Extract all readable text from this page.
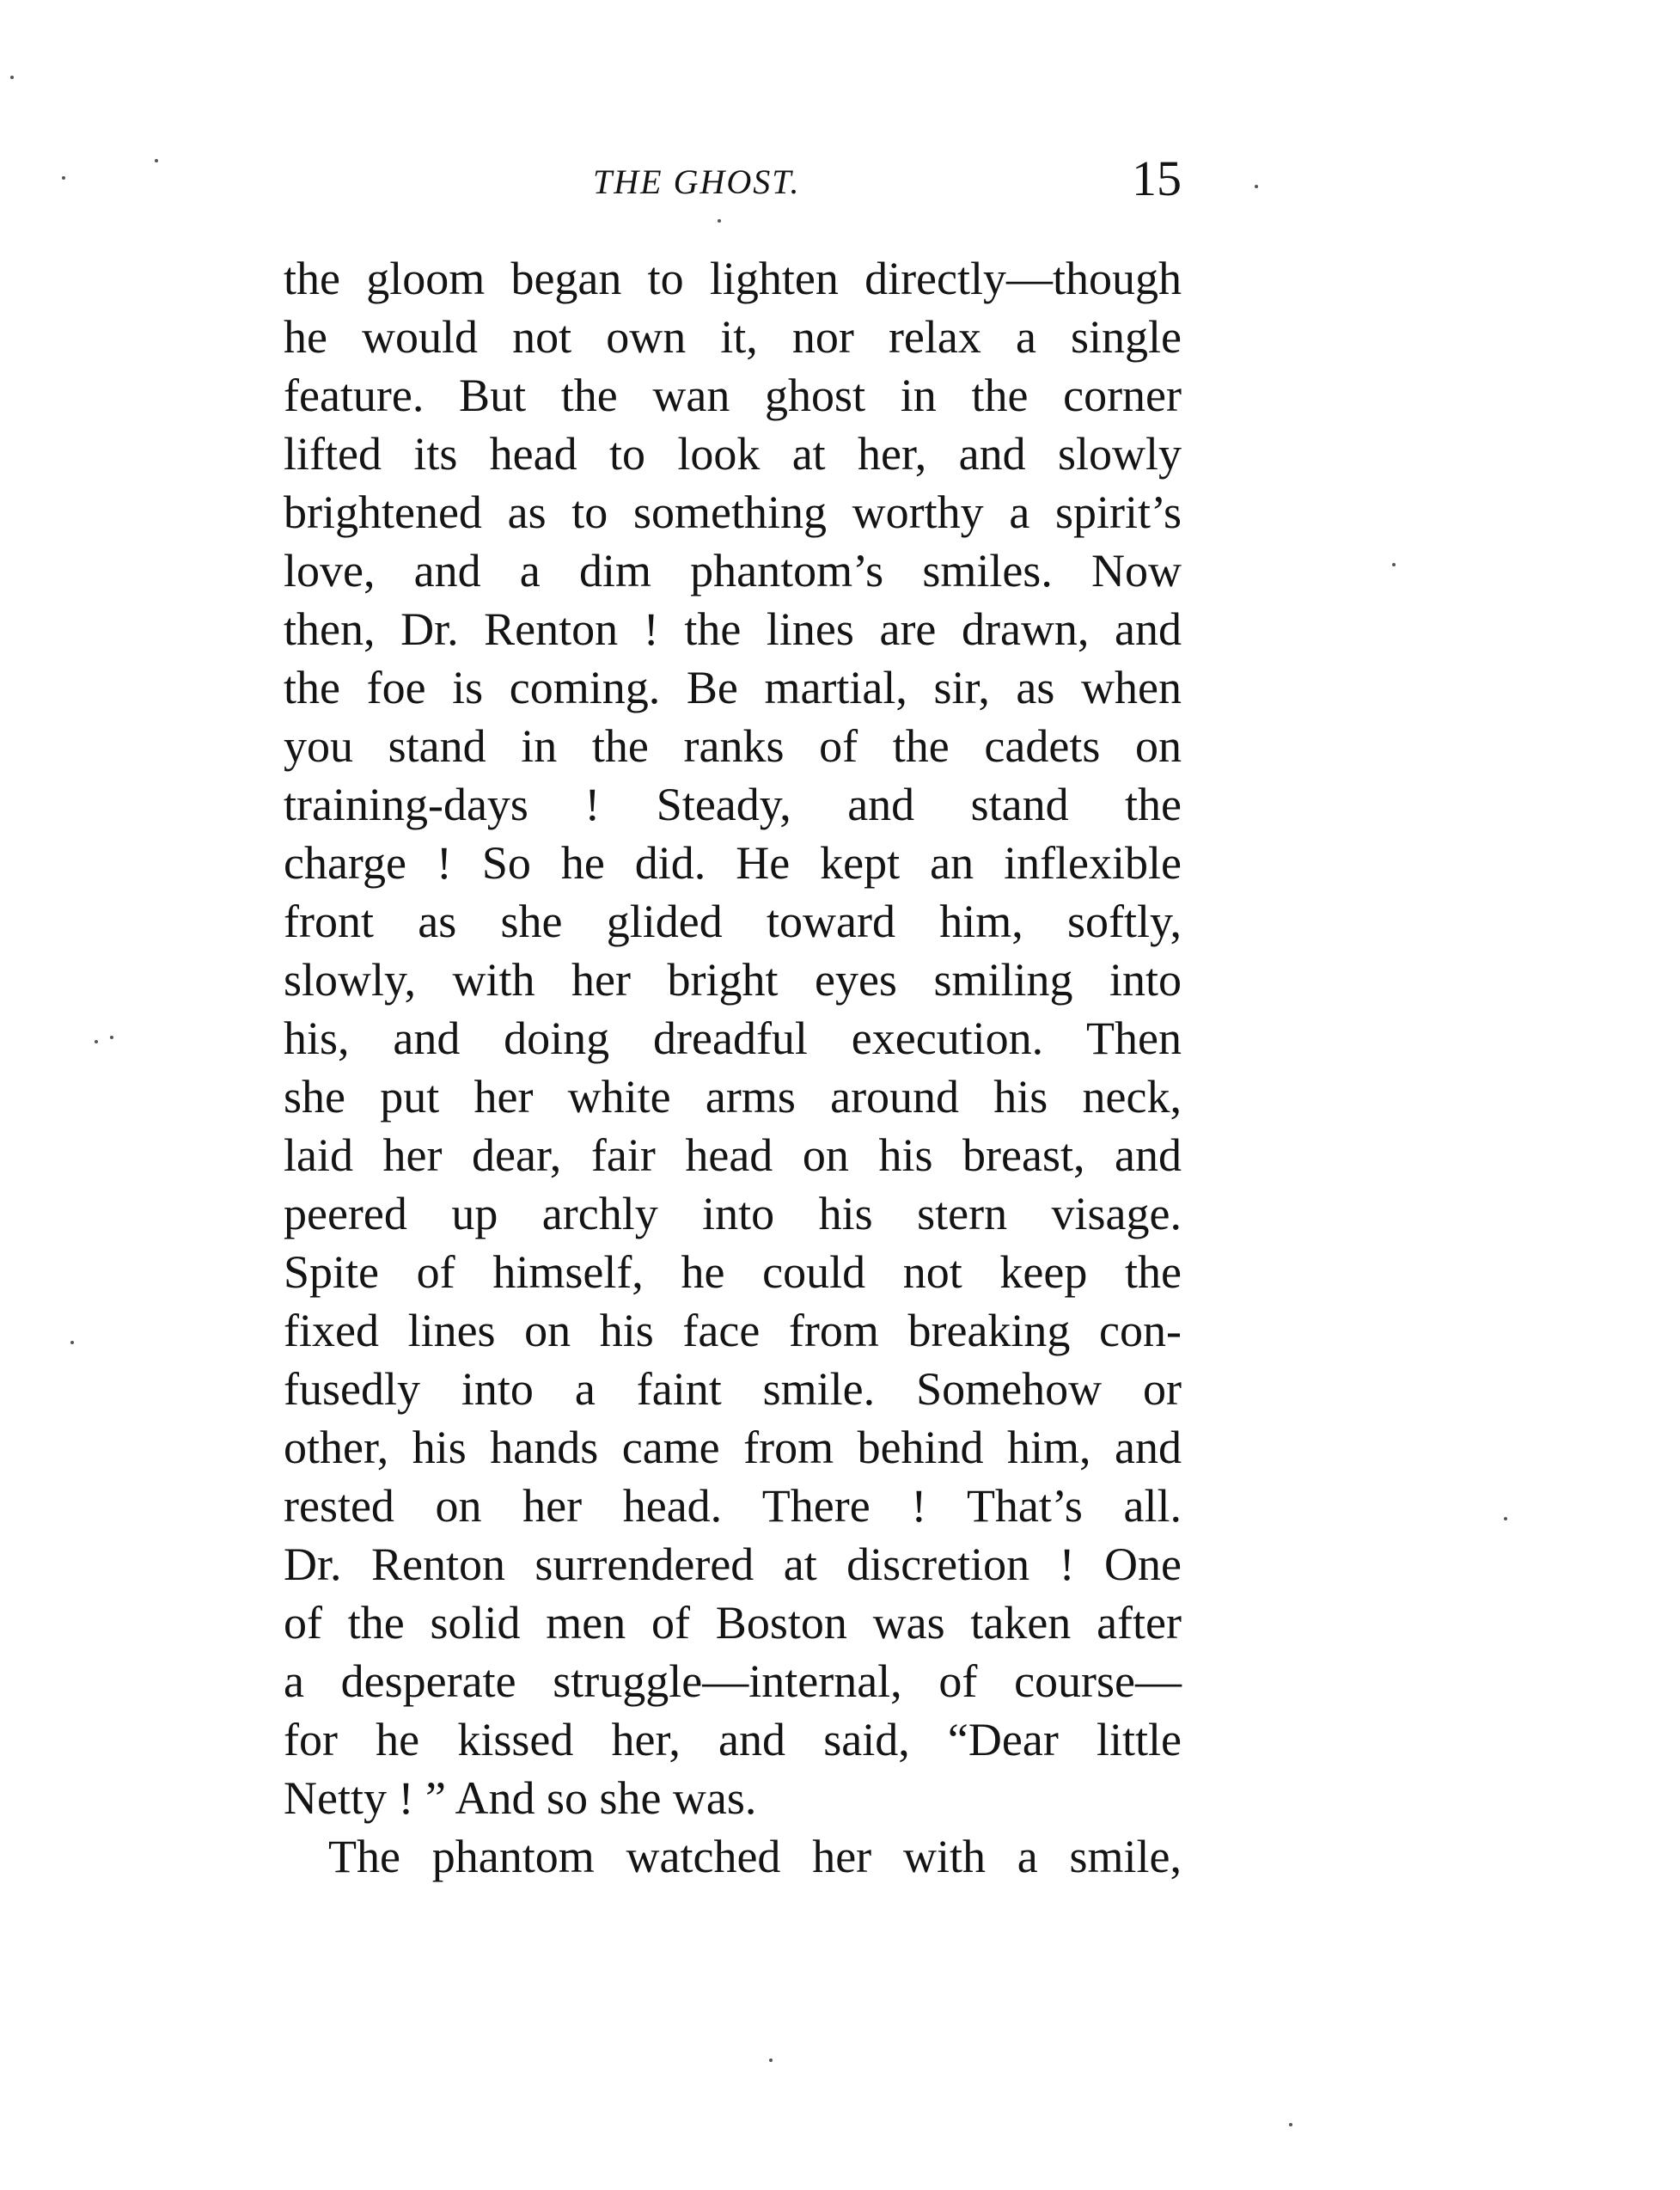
THE GHOST.	15
the gloom began to lighten directly—though
he would not own it, nor relax a single
feature. But the wan ghost in the corner
lifted its head to look at her, and slowly
brightened as to something worthy a spirit’s
love, and a dim phantom’s smiles. Now
then, Dr. Renton ! the lines are drawn, and
the foe is coming. Be martial, sir, as when
you stand in the ranks of the cadets on
training-days ! Steady, and stand the
charge ! So he did. He kept an inflexible
front as she glided toward him, softly,
slowly, with her bright eyes smiling into
his, and doing dreadful execution. Then
she put her white arms around his neck,
laid her dear, fair head on his breast, and
peered up archly into his stern visage.
Spite of himself, he could not keep the
fixed lines on his face from breaking con-
fusedly into a faint smile. Somehow or
other, his hands came from behind him, and
rested on her head. There ! That’s all.
Dr. Renton surrendered at discretion ! One
of the solid men of Boston was taken after
a desperate struggle—internal, of course—
for he kissed her, and said, “Dear little
Netty ! ” And so she was.
The phantom watched her with a smile,
